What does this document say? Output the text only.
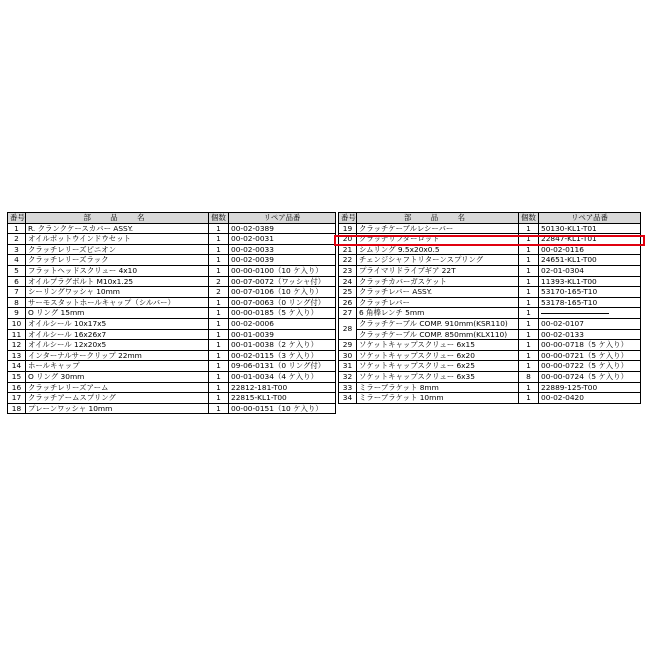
番号	部　品　名	個数	リペア品番
1	R. クランクケースカバー ASSY.	1	00-02-0389
2	オイルポットウインドウセット	1	00-02-0031
3	クラッチレリーズピニオン	1	00-02-0033
4	クラッチレリーズラック	1	00-02-0039
5	フラットヘッドスクリュー 4x10	1	00-00-0100（10 ケ入り）
6	オイルプラグボルト M10x1.25	2	00-07-0072（ワッシャ付）
7	シーリングワッシャ 10mm	2	00-07-0106（10 ケ入り）
8	サーモスタットホールキャップ（シルバー）	1	00-07-0063（0 リング付）
9	O リング 15mm	1	00-00-0185（5 ケ入り）
10	オイルシール 10x17x5	1	00-02-0006
11	オイルシール 16x26x7	1	00-01-0039
12	オイルシール 12x20x5	1	00-01-0038（2 ケ入り）
13	インターナルサークリップ 22mm	1	00-02-0115（3 ケ入り）
14	ホールキャップ	1	09-06-0131（0 リング付）
15	O リング 30mm	1	00-01-0034（4 ケ入り）
16	クラッチレリーズアーム	1	22812-181-T00
17	クラッチアームスプリング	1	22815-KL1-T00
18	プレーンワッシャ 10mm	1	00-00-0151（10 ケ入り）
番号	部　品　名	個数	リペア品番
19	クラッチケーブルレシーバー	1	50130-KL1-T01
20	クラッチリフターロッド	1	22847-KL1-T01
21	シムリング 9.5x20x0.5	1	00-02-0116
22	チェンジシャフトリターンスプリング	1	24651-KL1-T00
23	プライマリドライブギア 22T	1	02-01-0304
24	クラッチカバーガスケット	1	11393-KL1-T00
25	クラッチレバー ASSY.	1	53170-165-T10
26	クラッチレバー	1	53178-165-T10
27	6 角棒レンチ 5mm	1	
28	クラッチケーブル COMP. 910mm(KSR110)	1	00-02-0107
	クラッチケーブル COMP. 850mm(KLX110)	1	00-02-0133
29	ソケットキャップスクリュー 6x15	1	00-00-0718（5 ケ入り）
30	ソケットキャップスクリュー 6x20	1	00-00-0721（5 ケ入り）
31	ソケットキャップスクリュー 6x25	1	00-00-0722（5 ケ入り）
32	ソケットキャップスクリュー 6x35	8	00-00-0724（5 ケ入り）
33	ミラーブラケット 8mm	1	22889-125-T00
34	ミラーブラケット 10mm	1	00-02-0420
